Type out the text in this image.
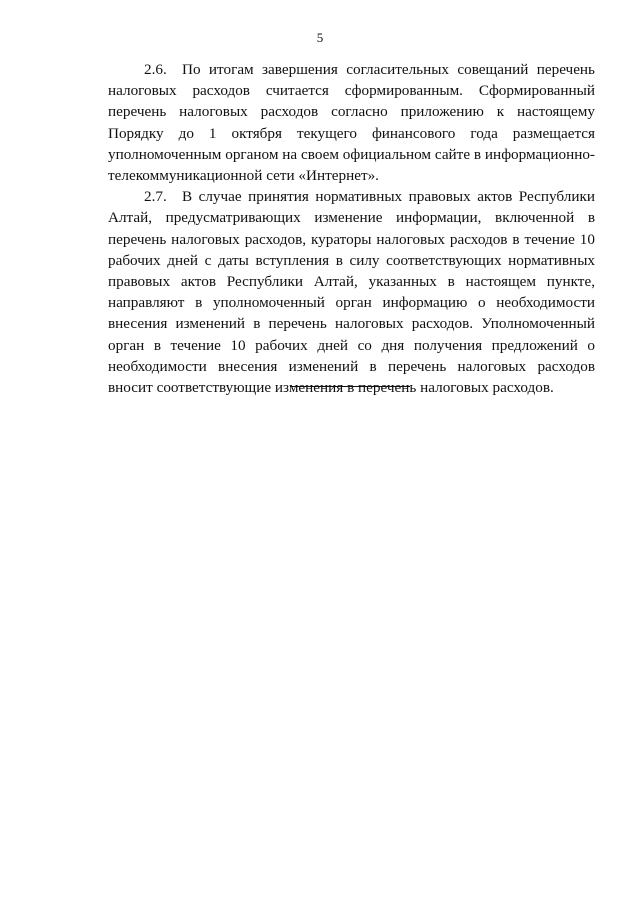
5

2.6. По итогам завершения согласительных совещаний перечень налоговых расходов считается сформированным. Сформированный перечень налоговых расходов согласно приложению к настоящему Порядку до 1 октября текущего финансового года размещается уполномоченным органом на своем официальном сайте в информационно-телекоммуникационной сети «Интернет».

2.7. В случае принятия нормативных правовых актов Республики Алтай, предусматривающих изменение информации, включенной в перечень налоговых расходов, кураторы налоговых расходов в течение 10 рабочих дней с даты вступления в силу соответствующих нормативных правовых актов Республики Алтай, указанных в настоящем пункте, направляют в уполномоченный орган информацию о необходимости внесения изменений в перечень налоговых расходов. Уполномоченный орган в течение 10 рабочих дней со дня получения предложений о необходимости внесения изменений в перечень налоговых расходов вносит соответствующие изменения в перечень налоговых расходов.
